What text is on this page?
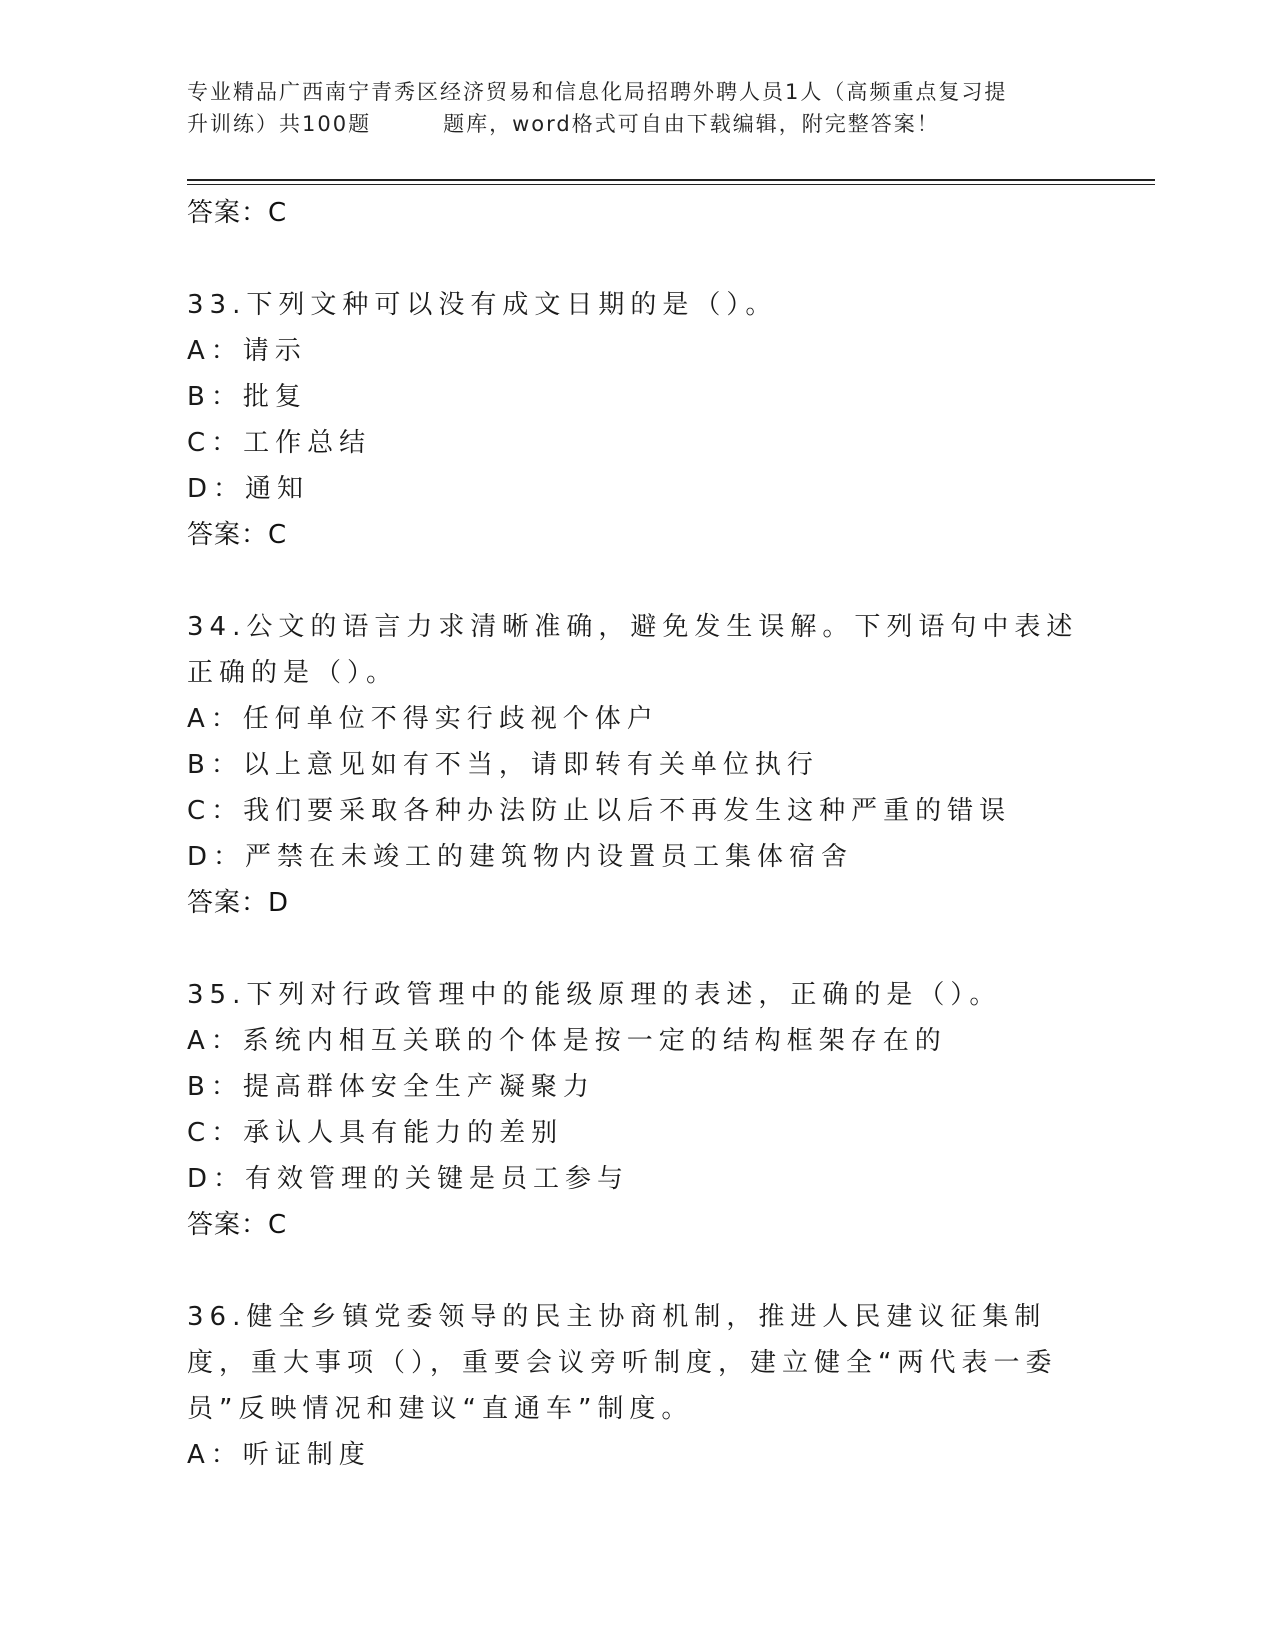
专业精品广西南宁青秀区经济贸易和信息化局招聘外聘人员1人（高频重点复习提
升训练）共100题	题库，word格式可自由下载编辑，附完整答案！
答案：C
33.下列文种可以没有成文日期的是（）。
A：请示
B：批复
C：工作总结
D：通知
答案：C
34.公文的语言力求清晰准确，避免发生误解。下列语句中表述正确的是（）。
A：任何单位不得实行歧视个体户
B：以上意见如有不当，请即转有关单位执行
C：我们要采取各种办法防止以后不再发生这种严重的错误
D：严禁在未竣工的建筑物内设置员工集体宿舍
答案：D
35.下列对行政管理中的能级原理的表述，正确的是（）。
A：系统内相互关联的个体是按一定的结构框架存在的
B：提高群体安全生产凝聚力
C：承认人具有能力的差别
D：有效管理的关键是员工参与
答案：C
36.健全乡镇党委领导的民主协商机制，推进人民建议征集制度，重大事项（），重要会议旁听制度，建立健全“两代表一委员”反映情况和建议“直通车”制度。
A：听证制度
